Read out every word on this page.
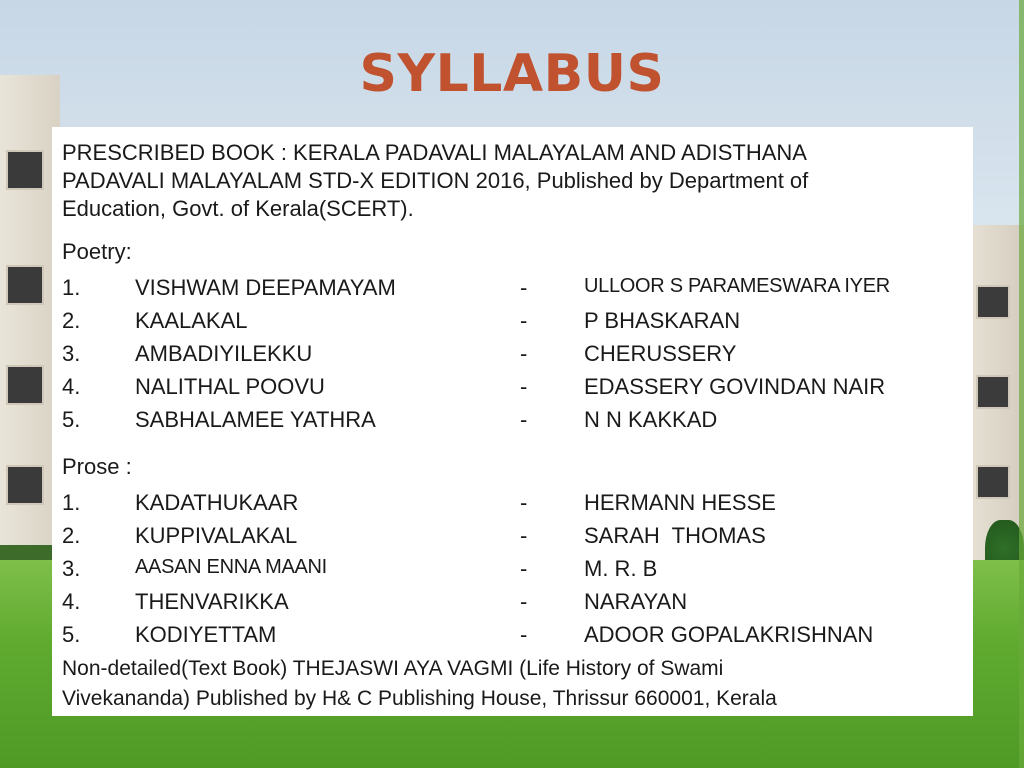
SYLLABUS
PRESCRIBED BOOK : KERALA PADAVALI MALAYALAM AND ADISTHANA
PADAVALI MALAYALAM STD-X EDITION 2016, Published by Department of
Education, Govt. of Kerala(SCERT).
Poetry:
1. VISHWAM DEEPAMAYAM	-	ULLOOR S PARAMESWARA IYER
2. KAALAKAL	-	P BHASKARAN
3. AMBADIYILEKKU	-	CHERUSSERY
4. NALITHAL POOVU	-	EDASSERY GOVINDAN NAIR
5. SABHALAMEE YATHRA	-	N N KAKKAD
Prose :
1. KADATHUKAAR	-	HERMANN HESSE
2. KUPPIVALAKAL	-	SARAH  THOMAS
3.	AASAN ENNA MAANI	-	M. R. B
4. THENVARIKKA	-	NARAYAN
5. KODIYETTAM	-	ADOOR GOPALAKRISHNAN
Non-detailed(Text Book) THEJASWI AYA VAGMI (Life History of Swami
Vivekananda) Published by H& C Publishing House, Thrissur 660001, Kerala
